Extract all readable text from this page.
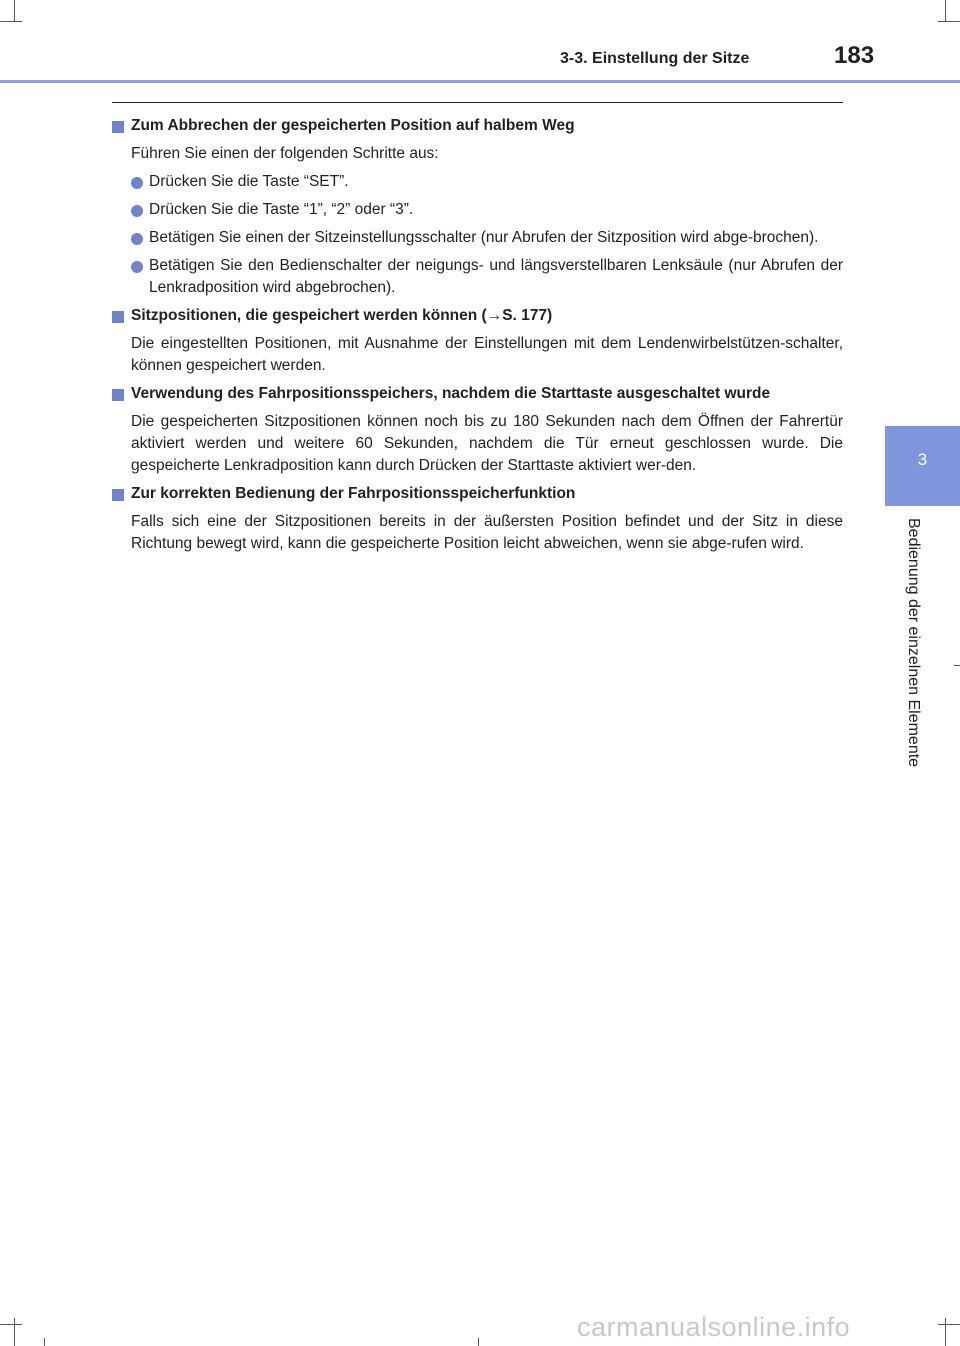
3-3. Einstellung der Sitze	183
3
Bedienung der einzelnen Elemente
Zum Abbrechen der gespeicherten Position auf halbem Weg

Führen Sie einen der folgenden Schritte aus:

Drücken Sie die Taste “SET”.
Drücken Sie die Taste “1”, “2” oder “3”.
Betätigen Sie einen der Sitzeinstellungsschalter (nur Abrufen der Sitzposition wird abge-brochen).
Betätigen Sie den Bedienschalter der neigungs- und längsverstellbaren Lenksäule (nur Abrufen der Lenkradposition wird abgebrochen).
Sitzpositionen, die gespeichert werden können (→S. 177)

Die eingestellten Positionen, mit Ausnahme der Einstellungen mit dem Lendenwirbelstützen-schalter, können gespeichert werden.

Verwendung des Fahrpositionsspeichers, nachdem die Starttaste ausgeschaltet wurde

Die gespeicherten Sitzpositionen können noch bis zu 180 Sekunden nach dem Öffnen der Fahrertür aktiviert werden und weitere 60 Sekunden, nachdem die Tür erneut geschlossen wurde. Die gespeicherte Lenkradposition kann durch Drücken der Starttaste aktiviert wer-den.

Zur korrekten Bedienung der Fahrpositionsspeicherfunktion

Falls sich eine der Sitzpositionen bereits in der äußersten Position befindet und der Sitz in diese Richtung bewegt wird, kann die gespeicherte Position leicht abweichen, wenn sie abge-rufen wird.

carmanualsonline.info
